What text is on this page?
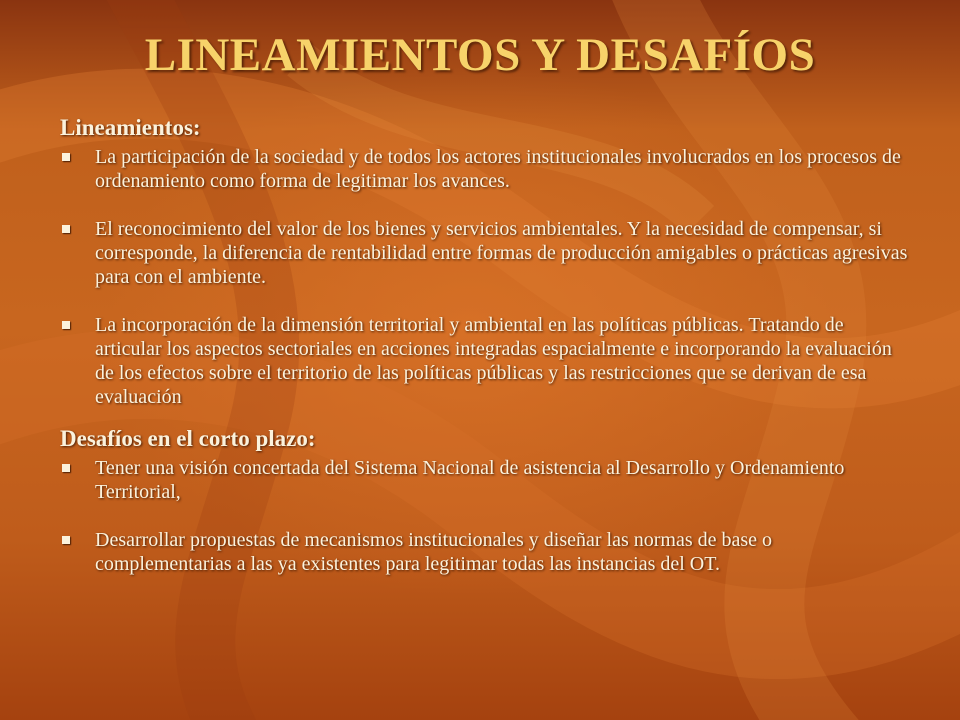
LINEAMIENTOS Y DESAFÍOS

Lineamientos:

La participación de la sociedad y de todos los actores institucionales involucrados en los procesos de ordenamiento como forma de legitimar los avances.
El reconocimiento del valor de los bienes y servicios ambientales. Y la necesidad de compensar, si corresponde, la diferencia de rentabilidad entre formas de producción amigables o prácticas agresivas para con el ambiente.
La incorporación de la dimensión territorial y ambiental en las políticas públicas. Tratando de articular los aspectos sectoriales en acciones integradas espacialmente e incorporando la evaluación de los efectos sobre el territorio de las políticas públicas y las restricciones que se derivan de esa evaluación

Desafíos en el corto plazo:

Tener una visión concertada del Sistema Nacional de asistencia al Desarrollo y Ordenamiento Territorial,
Desarrollar propuestas de mecanismos institucionales y diseñar las normas de base o complementarias a las ya existentes para legitimar todas las instancias del OT.
